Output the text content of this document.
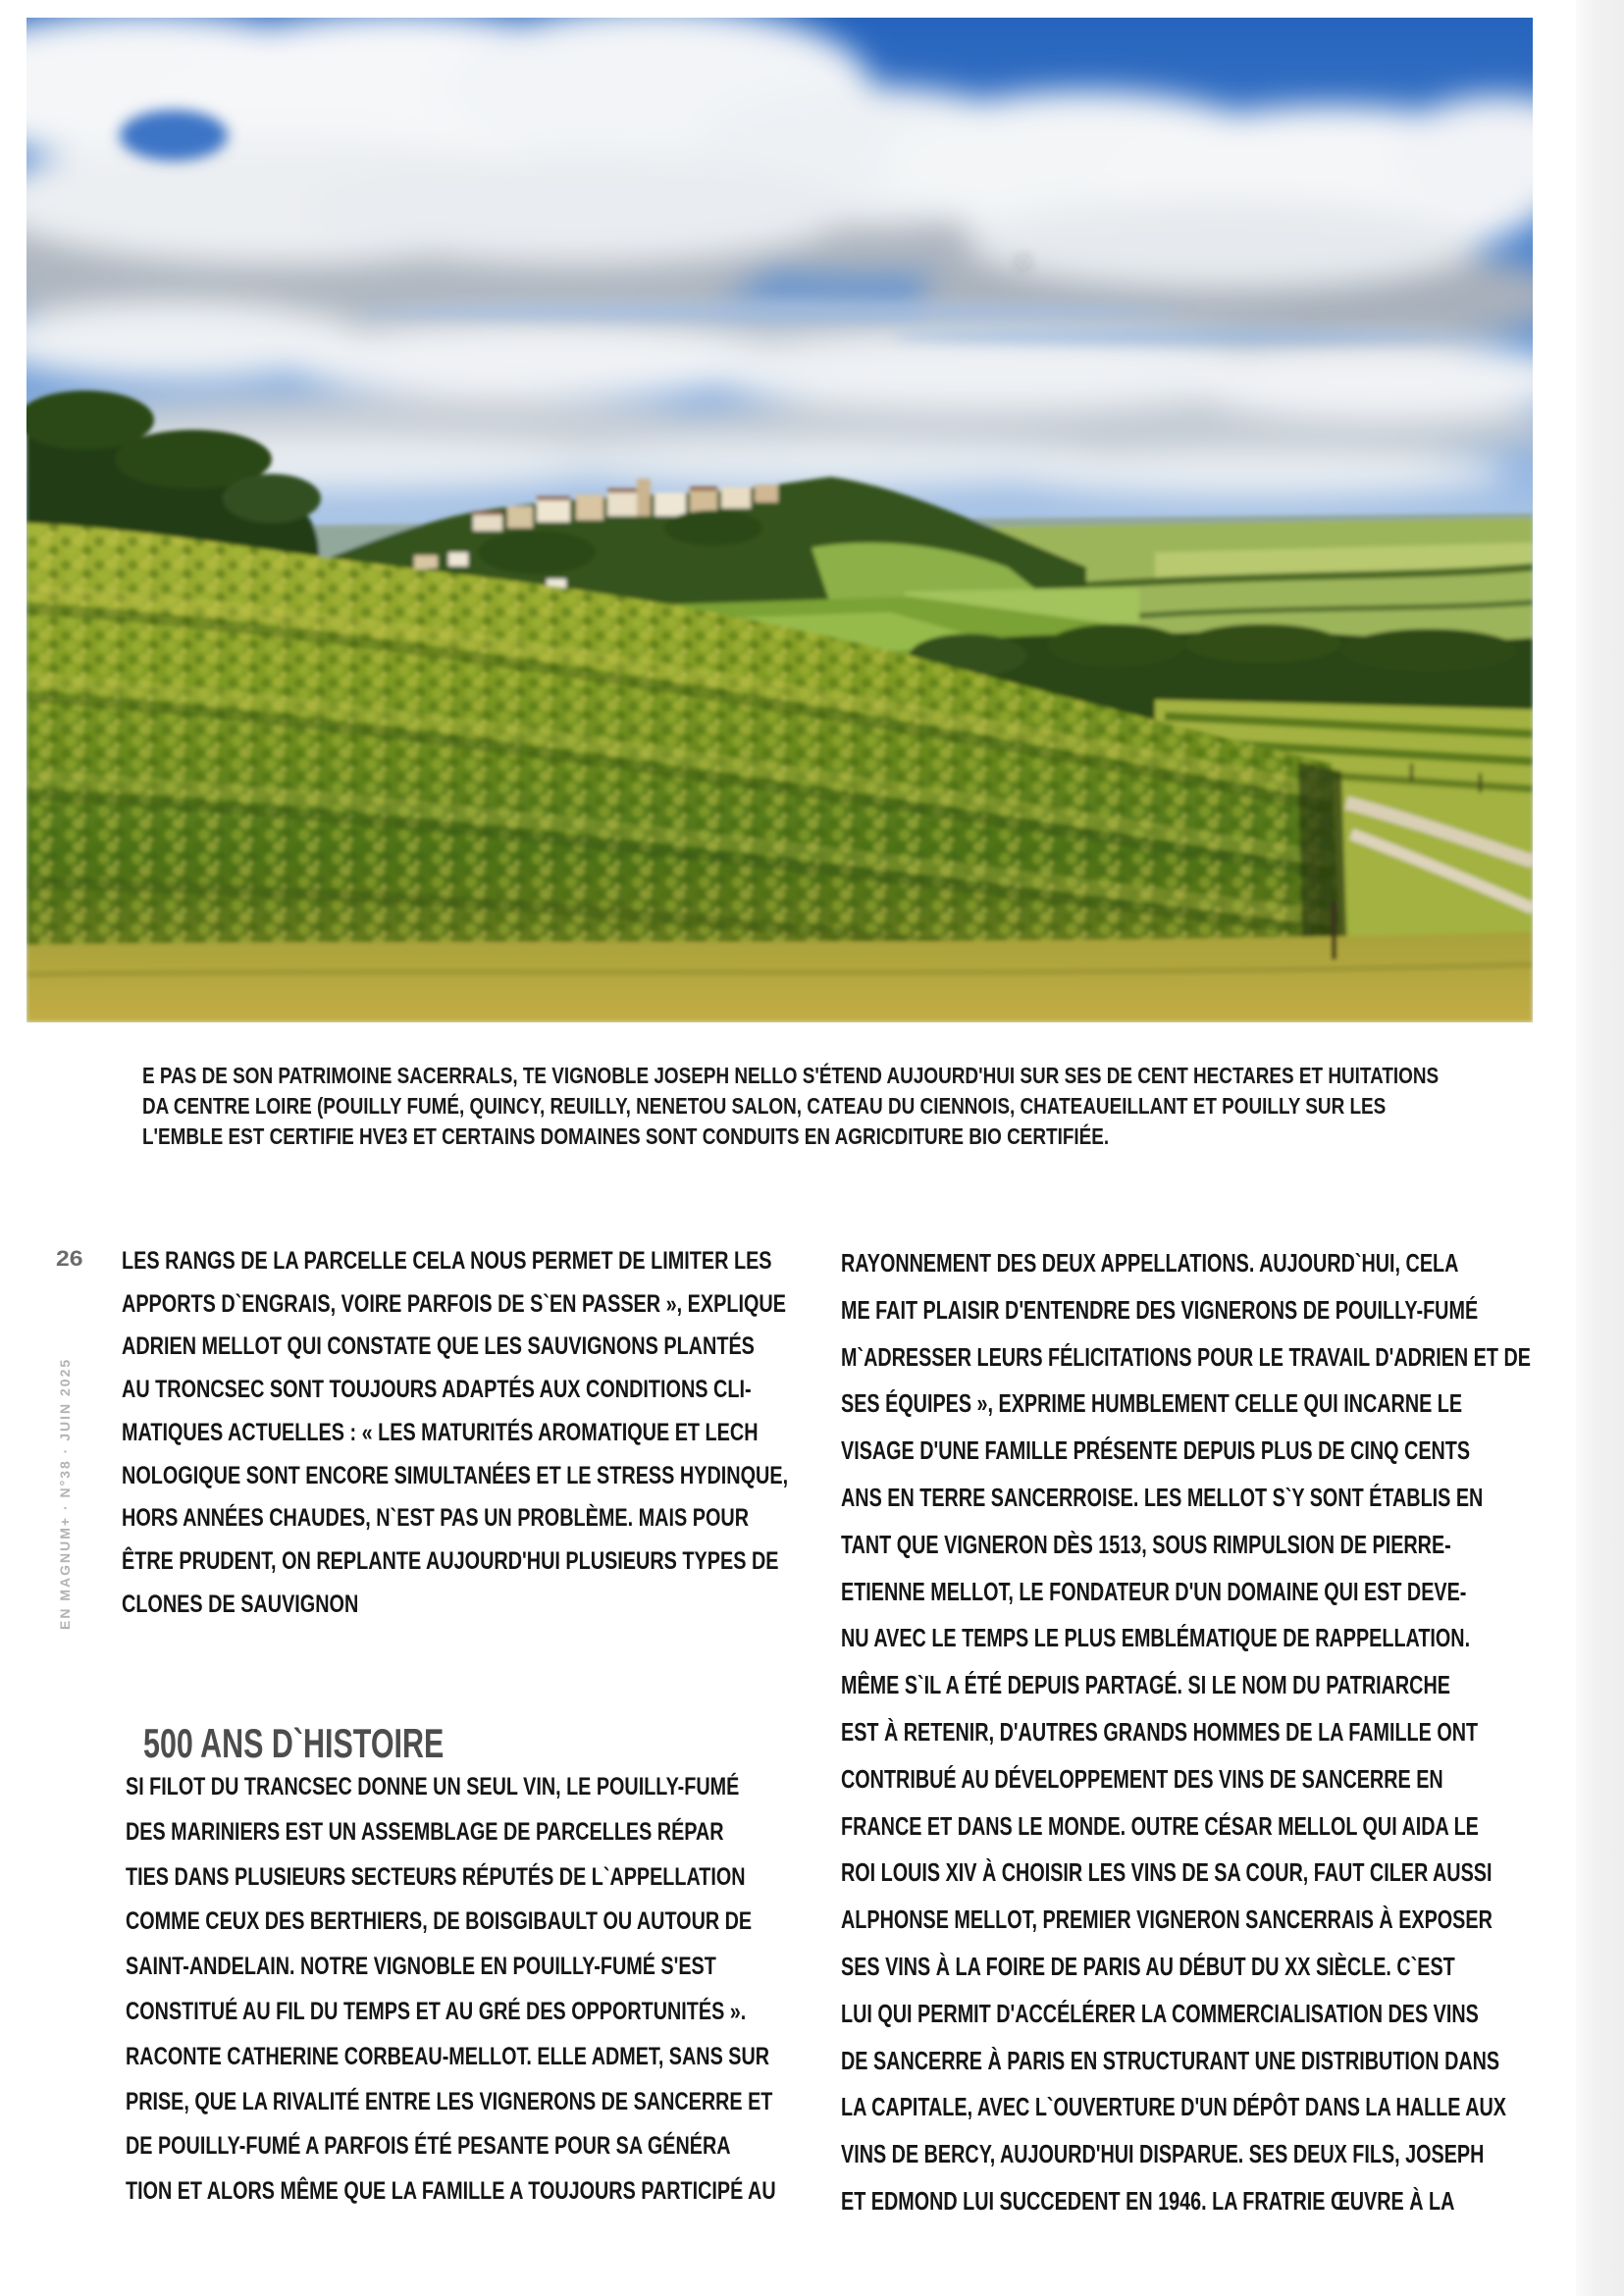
E PAS DE SON PATRIMOINE SACERRALS, TE VIGNOBLE JOSEPH NELLO S'ÉTEND AUJOURD'HUI SUR SES DE CENT HECTARES ET HUITATIONS
DA CENTRE LOIRE (POUILLY FUMÉ, QUINCY, REUILLY, NENETOU SALON, CATEAU DU CIENNOIS, CHATEAUEILLANT ET POUILLY SUR LES
L'EMBLE EST CERTIFIE HVE3 ET CERTAINS DOMAINES SONT CONDUITS EN AGRICDITURE BIO CERTIFIÉE.
26
EN MAGNUM+ · N°38 · JUIN 2025
LES RANGS DE LA PARCELLE CELA NOUS PERMET DE LIMITER LES
APPORTS D`ENGRAIS, VOIRE PARFOIS DE S`EN PASSER », EXPLIQUE
ADRIEN MELLOT QUI CONSTATE QUE LES SAUVIGNONS PLANTÉS
AU TRONCSEC SONT TOUJOURS ADAPTÉS AUX CONDITIONS CLI-
MATIQUES ACTUELLES : « LES MATURITÉS AROMATIQUE ET LECH
NOLOGIQUE SONT ENCORE SIMULTANÉES ET LE STRESS HYDINQUE,
HORS ANNÉES CHAUDES, N`EST PAS UN PROBLÈME. MAIS POUR
ÊTRE PRUDENT, ON REPLANTE AUJOURD'HUI PLUSIEURS TYPES DE
CLONES DE SAUVIGNON
500 ANS D`HISTOIRE
SI FILOT DU TRANCSEC DONNE UN SEUL VIN, LE POUILLY-FUMÉ
DES MARINIERS EST UN ASSEMBLAGE DE PARCELLES RÉPAR
TIES DANS PLUSIEURS SECTEURS RÉPUTÉS DE L`APPELLATION
COMME CEUX DES BERTHIERS, DE BOISGIBAULT OU AUTOUR DE
SAINT-ANDELAIN. NOTRE VIGNOBLE EN POUILLY-FUMÉ S'EST
CONSTITUÉ AU FIL DU TEMPS ET AU GRÉ DES OPPORTUNITÉS ».
RACONTE CATHERINE CORBEAU-MELLOT. ELLE ADMET, SANS SUR
PRISE, QUE LA RIVALITÉ ENTRE LES VIGNERONS DE SANCERRE ET
DE POUILLY-FUMÉ A PARFOIS ÉTÉ PESANTE POUR SA GÉNÉRA
TION ET ALORS MÊME QUE LA FAMILLE A TOUJOURS PARTICIPÉ AU
RAYONNEMENT DES DEUX APPELLATIONS. AUJOURD`HUI, CELA
ME FAIT PLAISIR D'ENTENDRE DES VIGNERONS DE POUILLY-FUMÉ
M`ADRESSER LEURS FÉLICITATIONS POUR LE TRAVAIL D'ADRIEN ET DE
SES ÉQUIPES », EXPRIME HUMBLEMENT CELLE QUI INCARNE LE
VISAGE D'UNE FAMILLE PRÉSENTE DEPUIS PLUS DE CINQ CENTS
ANS EN TERRE SANCERROISE. LES MELLOT S`Y SONT ÉTABLIS EN
TANT QUE VIGNERON DÈS 1513, SOUS RIMPULSION DE PIERRE-
ETIENNE MELLOT, LE FONDATEUR D'UN DOMAINE QUI EST DEVE-
NU AVEC LE TEMPS LE PLUS EMBLÉMATIQUE DE RAPPELLATION.
MÊME S`IL A ÉTÉ DEPUIS PARTAGÉ. SI LE NOM DU PATRIARCHE
EST À RETENIR, D'AUTRES GRANDS HOMMES DE LA FAMILLE ONT
CONTRIBUÉ AU DÉVELOPPEMENT DES VINS DE SANCERRE EN
FRANCE ET DANS LE MONDE. OUTRE CÉSAR MELLOL QUI AIDA LE
ROI LOUIS XIV À CHOISIR LES VINS DE SA COUR, FAUT CILER AUSSI
ALPHONSE MELLOT, PREMIER VIGNERON SANCERRAIS À EXPOSER
SES VINS À LA FOIRE DE PARIS AU DÉBUT DU XX SIÈCLE. C`EST
LUI QUI PERMIT D'ACCÉLÉRER LA COMMERCIALISATION DES VINS
DE SANCERRE À PARIS EN STRUCTURANT UNE DISTRIBUTION DANS
LA CAPITALE, AVEC L`OUVERTURE D'UN DÉPÔT DANS LA HALLE AUX
VINS DE BERCY, AUJOURD'HUI DISPARUE. SES DEUX FILS, JOSEPH
ET EDMOND LUI SUCCEDENT EN 1946. LA FRATRIE ŒUVRE À LA
